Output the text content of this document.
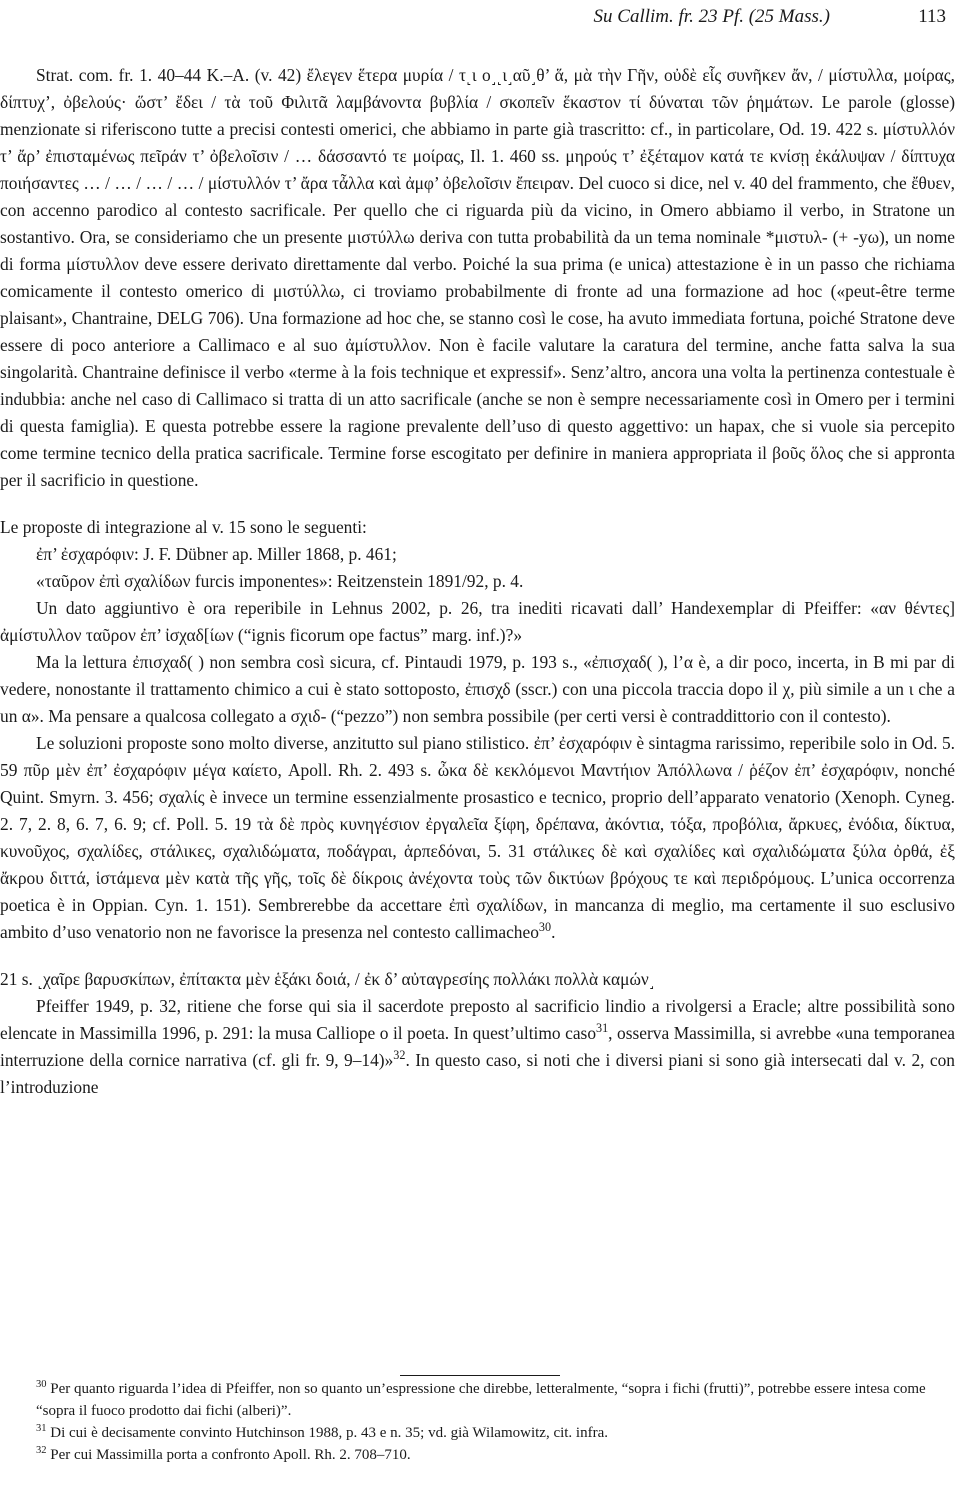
Su Callim. fr. 23 Pf. (25 Mass.)	113

Strat. com. fr. 1. 40–44 K.–A. (v. 42) ἔλεγεν ἕτερα μυρία / τ˻ι ο˼˻ι˼αῦ˼θ’ ἅ, μὰ τὴν Γῆν, οὐδὲ εἷς συνῆκεν ἄν, / μίστυλλα, μοίρας, δίπτυχ’, ὀβελούς· ὥστ’ ἔδει / τὰ τοῦ Φιλιτᾶ λαμβάνοντα βυβλία / σκοπεῖν ἕκαστον τί δύναται τῶν ῥημάτων. Le parole (glosse) menzionate si riferiscono tutte a precisi contesti omerici, che abbiamo in parte già trascritto: cf., in particolare, Od. 19. 422 s. μίστυλλόν τ’ ἄρ’ ἐπισταμένως πεῖράν τ’ ὀβελοῖσιν / … δάσσαντό τε μοίρας, Il. 1. 460 ss. μηρούς τ’ ἐξέταμον κατά τε κνίσῃ ἐκάλυψαν / δίπτυχα ποιήσαντες … / … / … / … / μίστυλλόν τ’ ἄρα τἆλλα καὶ ἀμφ’ ὀβελοῖσιν ἔπειραν. Del cuoco si dice, nel v. 40 del frammento, che ἔθυεν, con accenno parodico al contesto sacrificale. Per quello che ci riguarda più da vicino, in Omero abbiamo il verbo, in Stratone un sostantivo. Ora, se consideriamo che un presente μιστύλλω deriva con tutta probabilità da un tema nominale *μιστυλ- (+ -yω), un nome di forma μίστυλλον deve essere derivato direttamente dal verbo. Poiché la sua prima (e unica) attestazione è in un passo che richiama comicamente il contesto omerico di μιστύλλω, ci troviamo probabilmente di fronte ad una formazione ad hoc («peut-être terme plaisant», Chantraine, DELG 706). Una formazione ad hoc che, se stanno così le cose, ha avuto immediata fortuna, poiché Stratone deve essere di poco anteriore a Callimaco e al suo ἀμίστυλλον. Non è facile valutare la caratura del termine, anche fatta salva la sua singolarità. Chantraine definisce il verbo «terme à la fois technique et expressif». Senz’altro, ancora una volta la pertinenza contestuale è indubbia: anche nel caso di Callimaco si tratta di un atto sacrificale (anche se non è sempre necessariamente così in Omero per i termini di questa famiglia). E questa potrebbe essere la ragione prevalente dell’uso di questo aggettivo: un hapax, che si vuole sia percepito come termine tecnico della pratica sacrificale. Termine forse escogitato per definire in maniera appropriata il βοῦς ὅλος che si appronta per il sacrificio in questione.

Le proposte di integrazione al v. 15 sono le seguenti:

ἐπ’ ἐσχαρόφιν: J. F. Dübner ap. Miller 1868, p. 461;

«ταῦρον ἐπὶ σχαλίδων furcis imponentes»: Reitzenstein 1891/92, p. 4.

Un dato aggiuntivo è ora reperibile in Lehnus 2002, p. 26, tra inediti ricavati dall’ Handexemplar di Pfeiffer: «αν θέντες] ἀμίστυλλον ταῦρον ἐπ’ ἰσχαδ[ίων (“ignis ficorum ope factus” marg. inf.)?»

Ma la lettura ἐπισχαδ( ) non sembra così sicura, cf. Pintaudi 1979, p. 193 s., «ἐπισχαδ( ), l’α è, a dir poco, incerta, in B mi par di vedere, nonostante il trattamento chimico a cui è stato sottoposto, ἐπισχ̣δ (sscr.) con una piccola traccia dopo il χ, più simile a un ι che a un α». Ma pensare a qualcosa collegato a σχιδ- (“pezzo”) non sembra possibile (per certi versi è contraddittorio con il contesto).

Le soluzioni proposte sono molto diverse, anzitutto sul piano stilistico. ἐπ’ ἐσχαρόφιν è sintagma rarissimo, reperibile solo in Od. 5. 59 πῦρ μὲν ἐπ’ ἐσχαρόφιν μέγα καίετο, Apoll. Rh. 2. 493 s. ὦκα δὲ κεκλόμενοι Μαντήιον Ἀπόλλωνα / ῥέζον ἐπ’ ἐσχαρόφιν, nonché Quint. Smyrn. 3. 456; σχαλίς è invece un termine essenzialmente prosastico e tecnico, proprio dell’apparato venatorio (Xenoph. Cyneg. 2. 7, 2. 8, 6. 7, 6. 9; cf. Poll. 5. 19 τὰ δὲ πρὸς κυνηγέσιον ἐργαλεῖα ξίφη, δρέπανα, ἀκόντια, τόξα, προβόλια, ἄρκυες, ἐνόδια, δίκτυα, κυνοῦχος, σχαλίδες, στάλικες, σχαλιδώματα, ποδάγραι, ἁρπεδόναι, 5. 31 στάλικες δὲ καὶ σχαλίδες καὶ σχαλιδώματα ξύλα ὀρθά, ἐξ ἄκρου διττά, ἱστάμενα μὲν κατὰ τῆς γῆς, τοῖς δὲ δίκροις ἀνέχοντα τοὺς τῶν δικτύων βρόχους τε καὶ περιδρόμους. L’unica occorrenza poetica è in Oppian. Cyn. 1. 151). Sembrerebbe da accettare ἐπὶ σχαλίδων, in mancanza di meglio, ma certamente il suo esclusivo ambito d’uso venatorio non ne favorisce la presenza nel contesto callimacheo$^{30}$.

21 s. ˻χαῖρε βαρυσκίπων, ἐπίτακτα μὲν ἑξάκι δοιά, / ἐκ δ’ αὐταγρεσίης πολλάκι πολλὰ καμών˼

Pfeiffer 1949, p. 32, ritiene che forse qui sia il sacerdote preposto al sacrificio lindio a rivolgersi a Eracle; altre possibilità sono elencate in Massimilla 1996, p. 291: la musa Calliope o il poeta. In quest’ultimo caso$^{31}$, osserva Massimilla, si avrebbe «una temporanea interruzione della cornice narrativa (cf. gli fr. 9, 9–14)»$^{32}$. In questo caso, si noti che i diversi piani si sono già intersecati dal v. 2, con l’introduzione

$^{30}$ Per quanto riguarda l’idea di Pfeiffer, non so quanto un’espressione che direbbe, letteralmente, “sopra i fichi (frutti)”, potrebbe essere intesa come “sopra il fuoco prodotto dai fichi (alberi)”.

$^{31}$ Di cui è decisamente convinto Hutchinson 1988, p. 43 e n. 35; vd. già Wilamowitz, cit. infra.

$^{32}$ Per cui Massimilla porta a confronto Apoll. Rh. 2. 708–710.
